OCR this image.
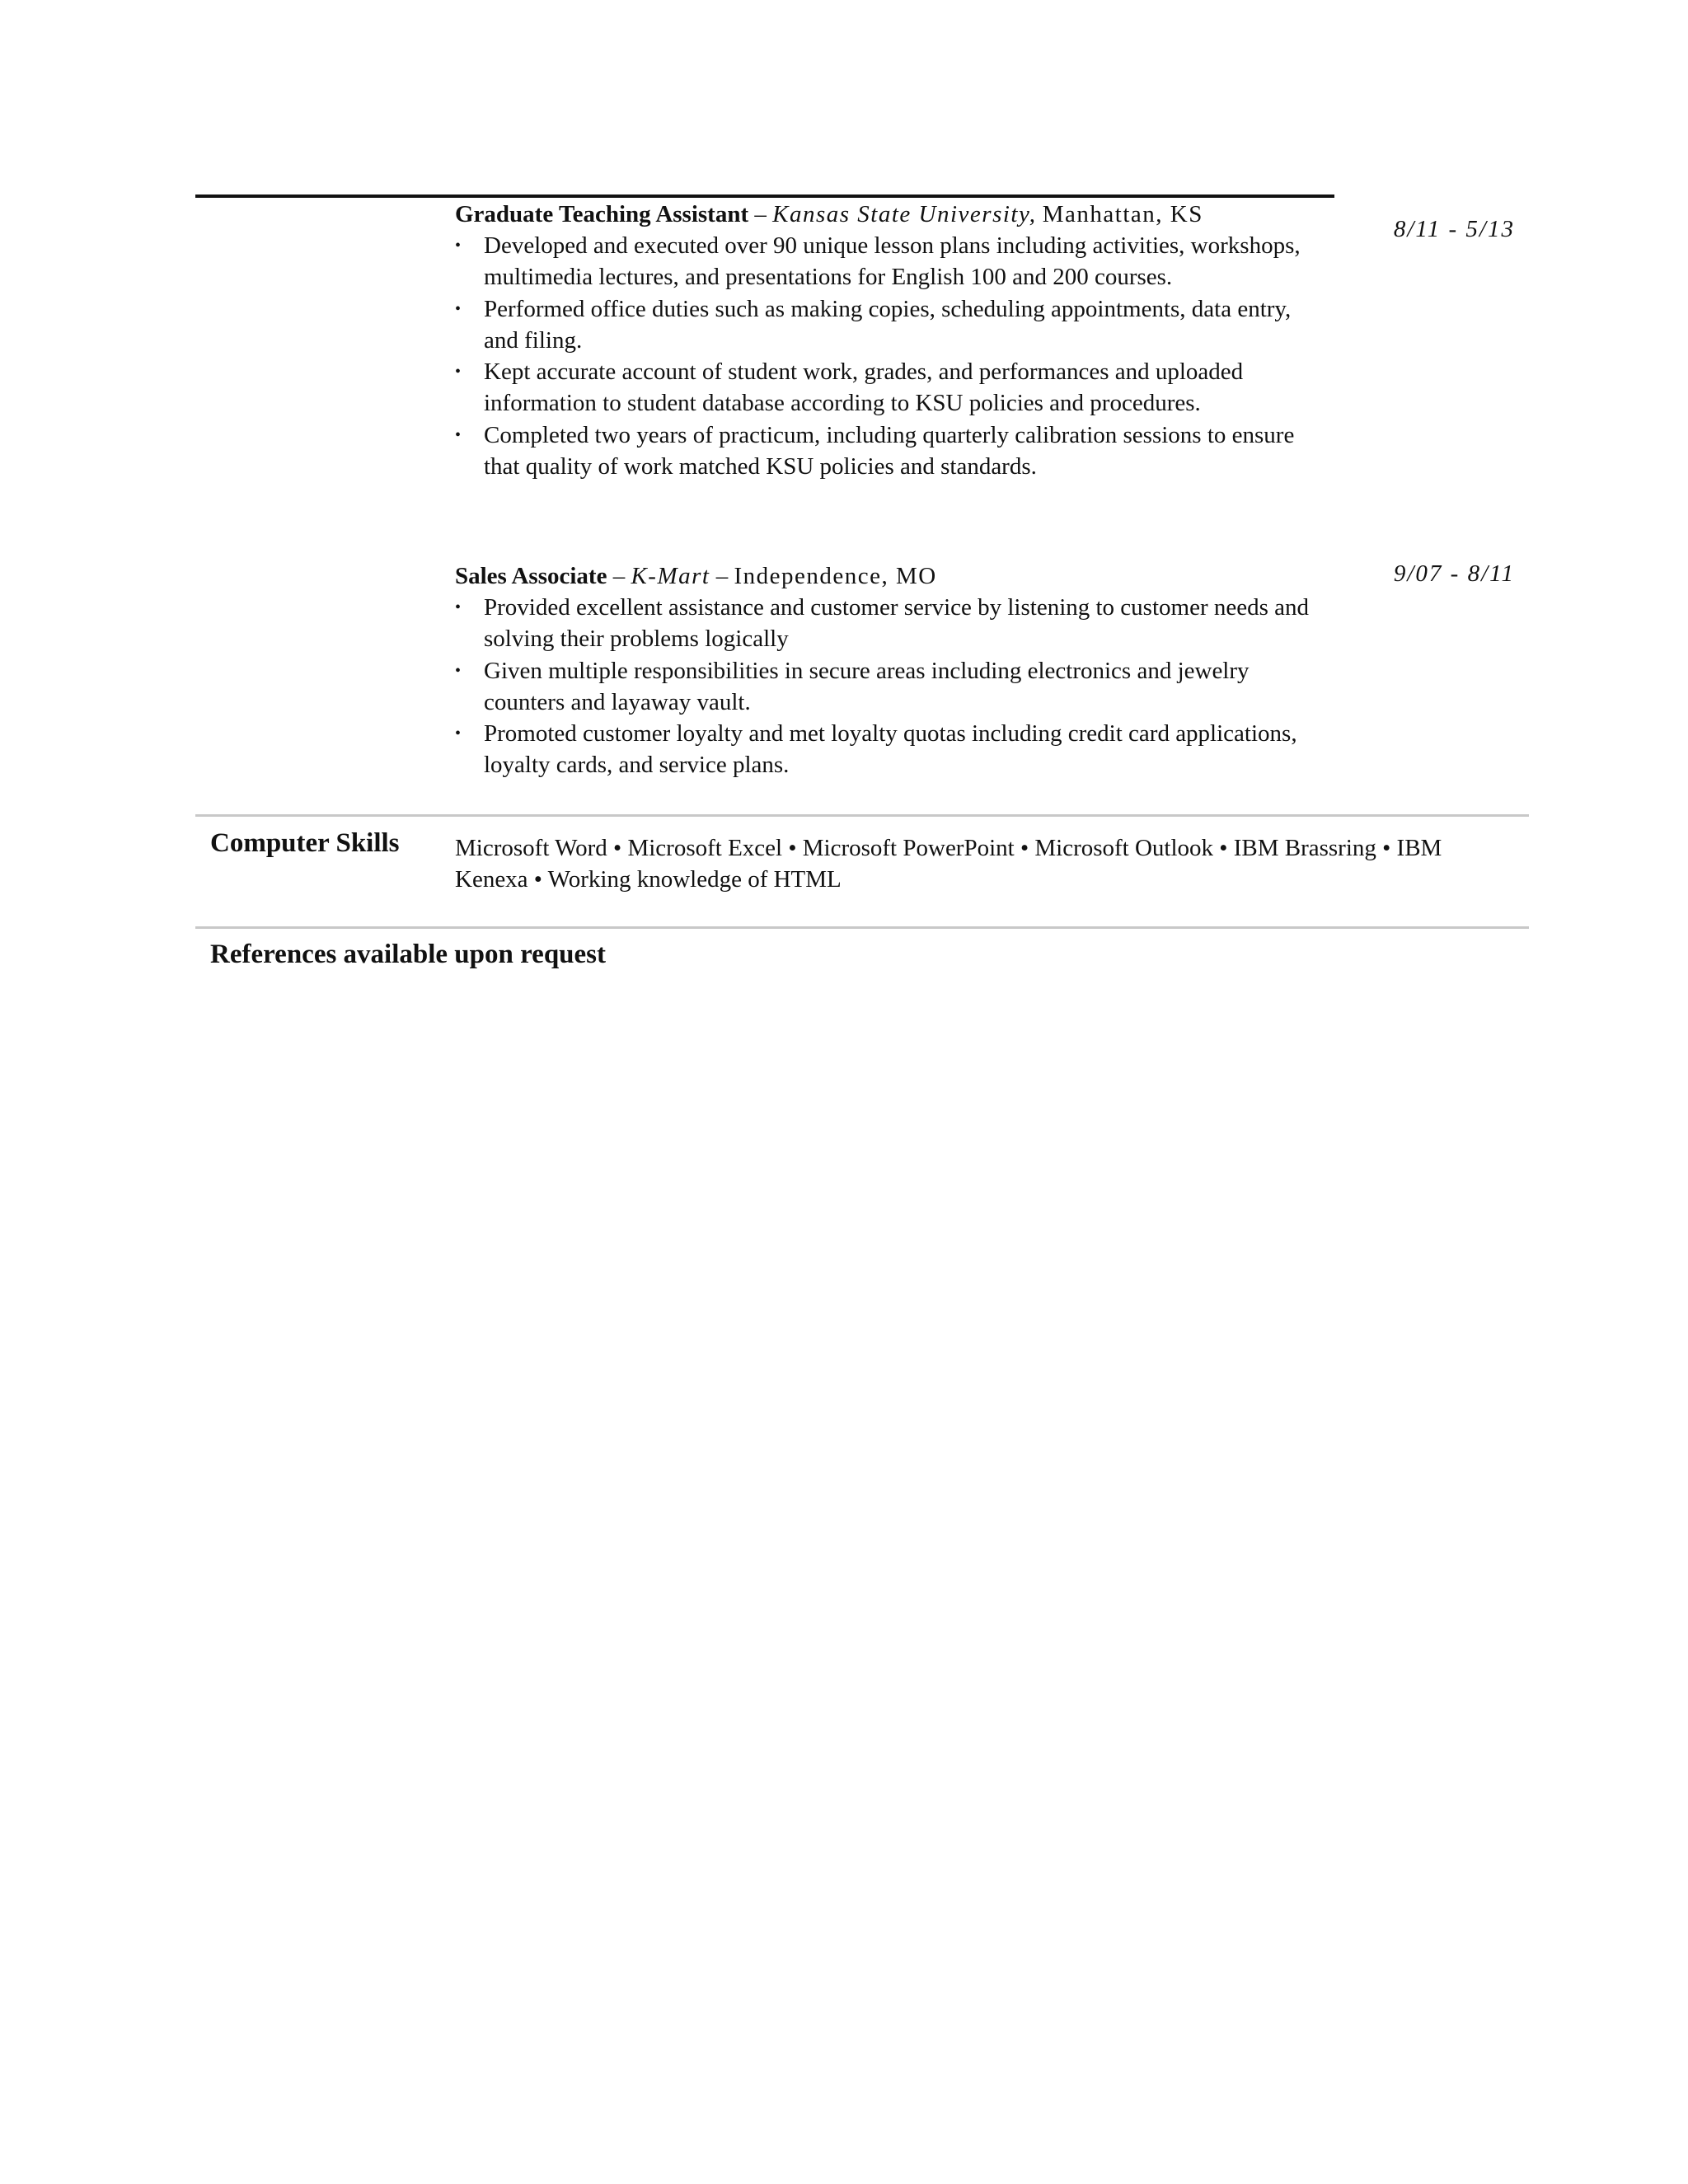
Graduate Teaching Assistant – Kansas State University, Manhattan, KS
• Developed and executed over 90 unique lesson plans including activities, workshops, multimedia lectures, and presentations for English 100 and 200 courses.
• Performed office duties such as making copies, scheduling appointments, data entry, and filing.
• Kept accurate account of student work, grades, and performances and uploaded information to student database according to KSU policies and procedures.
• Completed two years of practicum, including quarterly calibration sessions to ensure that quality of work matched KSU policies and standards.
8/11 - 5/13
Sales Associate – K-Mart – Independence, MO
• Provided excellent assistance and customer service by listening to customer needs and solving their problems logically
• Given multiple responsibilities in secure areas including electronics and jewelry counters and layaway vault.
• Promoted customer loyalty and met loyalty quotas including credit card applications, loyalty cards, and service plans.
9/07 - 8/11
Computer Skills Microsoft Word • Microsoft Excel • Microsoft PowerPoint • Microsoft Outlook • IBM Brassring • IBM Kenexa • Working knowledge of HTML
References available upon request
